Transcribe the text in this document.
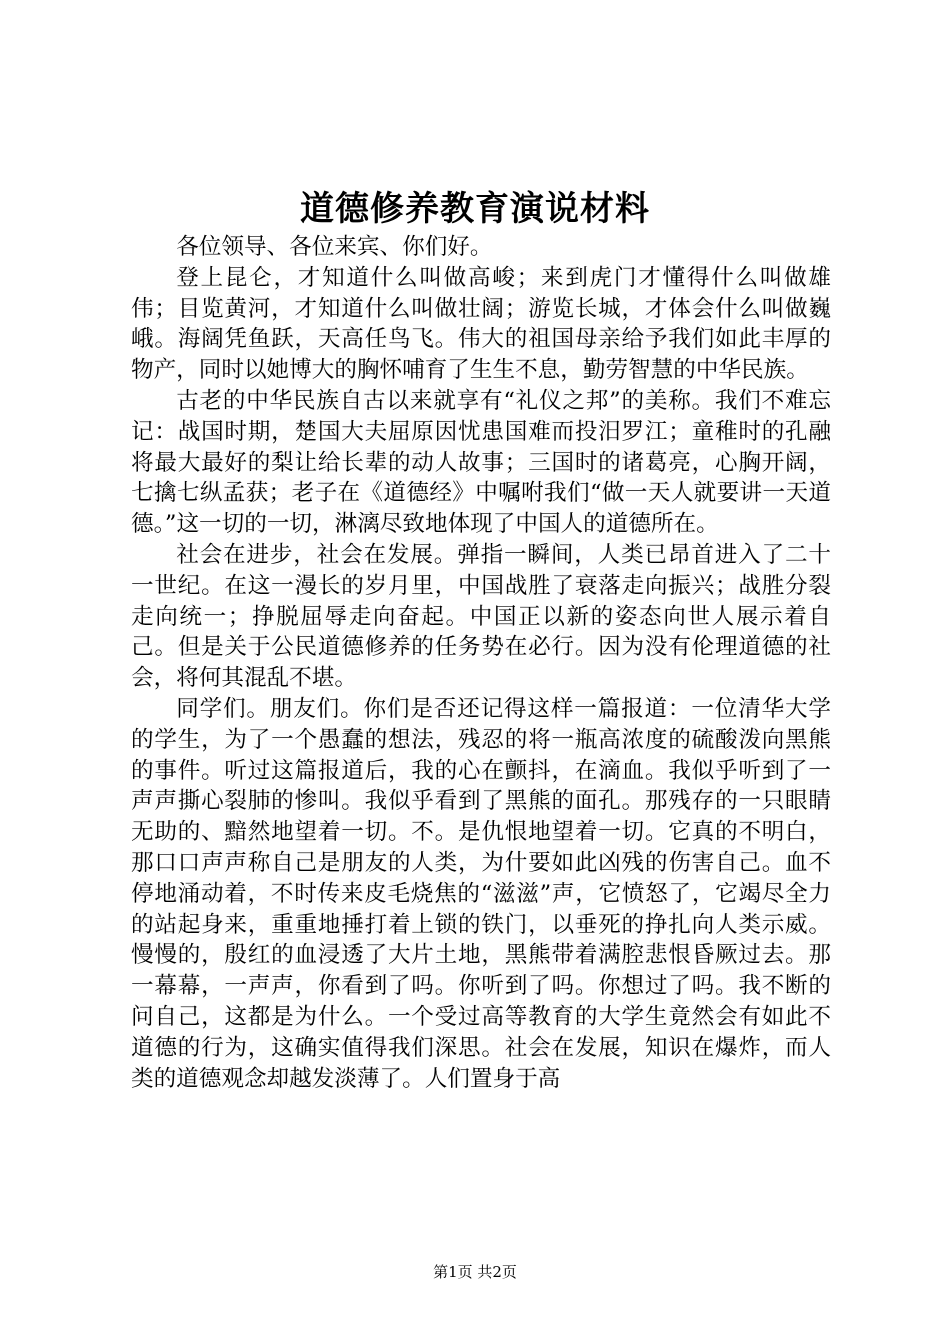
道德修养教育演说材料

各位领导、各位来宾、你们好。

登上昆仑，才知道什么叫做高峻；来到虎门才懂得什么叫做雄伟；目览黄河，才知道什么叫做壮阔；游览长城，才体会什么叫做巍峨。海阔凭鱼跃，天高任鸟飞。伟大的祖国母亲给予我们如此丰厚的物产，同时以她博大的胸怀哺育了生生不息，勤劳智慧的中华民族。

古老的中华民族自古以来就享有“礼仪之邦”的美称。我们不难忘记：战国时期，楚国大夫屈原因忧患国难而投汨罗江；童稚时的孔融将最大最好的梨让给长辈的动人故事；三国时的诸葛亮，心胸开阔，七擒七纵孟获；老子在《道德经》中嘱咐我们“做一天人就要讲一天道德。”这一切的一切，淋漓尽致地体现了中国人的道德所在。

社会在进步，社会在发展。弹指一瞬间，人类已昂首进入了二十一世纪。在这一漫长的岁月里，中国战胜了衰落走向振兴；战胜分裂走向统一；挣脱屈辱走向奋起。中国正以新的姿态向世人展示着自己。但是关于公民道德修养的任务势在必行。因为没有伦理道德的社会，将何其混乱不堪。

同学们。朋友们。你们是否还记得这样一篇报道：一位清华大学的学生，为了一个愚蠢的想法，残忍的将一瓶高浓度的硫酸泼向黑熊的事件。听过这篇报道后，我的心在颤抖，在滴血。我似乎听到了一声声撕心裂肺的惨叫。我似乎看到了黑熊的面孔。那残存的一只眼睛无助的、黯然地望着一切。不。是仇恨地望着一切。它真的不明白，那口口声声称自己是朋友的人类，为什要如此凶残的伤害自己。血不停地涌动着，不时传来皮毛烧焦的“滋滋”声，它愤怒了，它竭尽全力的站起身来，重重地捶打着上锁的铁门，以垂死的挣扎向人类示威。慢慢的，殷红的血浸透了大片土地，黑熊带着满腔悲恨昏厥过去。那一幕幕，一声声，你看到了吗。你听到了吗。你想过了吗。我不断的问自己，这都是为什么。一个受过高等教育的大学生竟然会有如此不道德的行为，这确实值得我们深思。社会在发展，知识在爆炸，而人类的道德观念却越发淡薄了。人们置身于高

第1页 共2页
